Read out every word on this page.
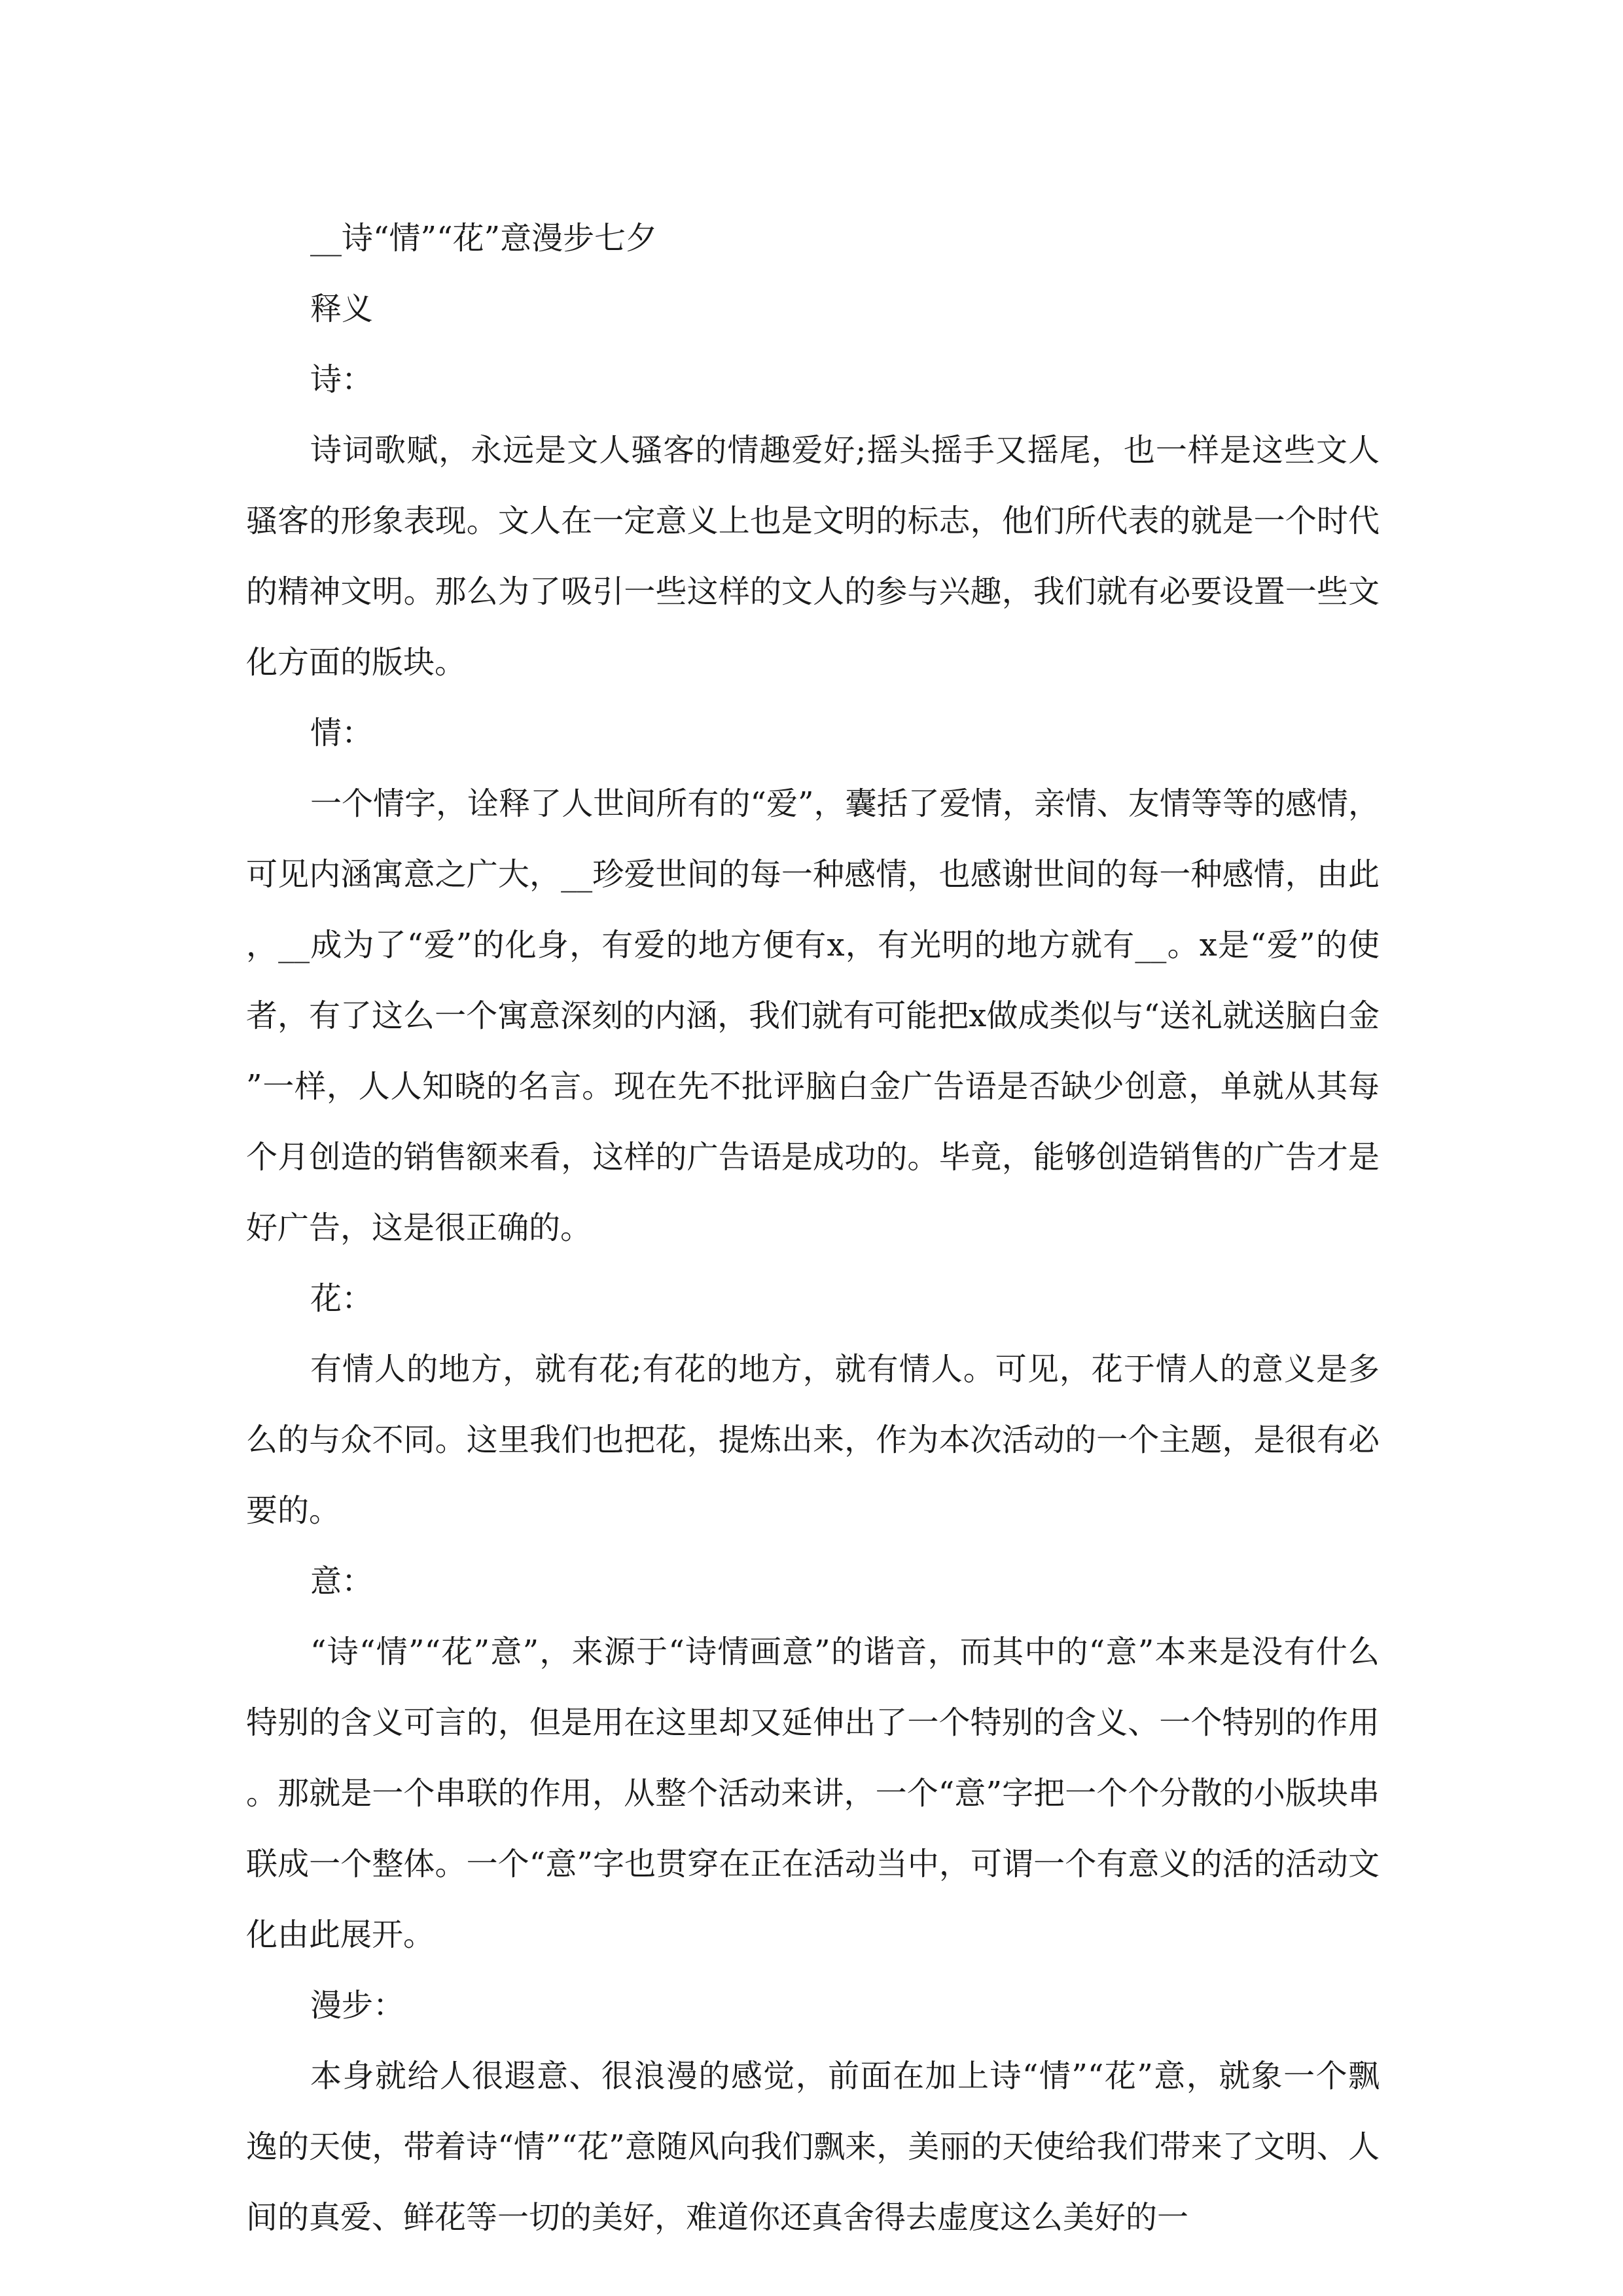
__诗“情”“花”意漫步七夕
释义
诗：

诗词歌赋，永远是文人骚客的情趣爱好;摇头摇手又摇尾，也一样是这些文人骚客的形象表现。文人在一定意义上也是文明的标志，他们所代表的就是一个时代的精神文明。那么为了吸引一些这样的文人的参与兴趣，我们就有必要设置一些文化方面的版块。

情：

一个情字，诠释了人世间所有的“爱”，囊括了爱情，亲情、友情等等的感情，可见内涵寓意之广大，__珍爱世间的每一种感情，也感谢世间的每一种感情，由此，__成为了“爱”的化身，有爱的地方便有x，有光明的地方就有__。x是“爱”的使者，有了这么一个寓意深刻的内涵，我们就有可能把x做成类似与“送礼就送脑白金”一样，人人知晓的名言。现在先不批评脑白金广告语是否缺少创意，单就从其每个月创造的销售额来看，这样的广告语是成功的。毕竟，能够创造销售的广告才是好广告，这是很正确的。

花：

有情人的地方，就有花;有花的地方，就有情人。可见，花于情人的意义是多么的与众不同。这里我们也把花，提炼出来，作为本次活动的一个主题，是很有必要的。

意：

“诗“情”“花”意”，来源于“诗情画意”的谐音，而其中的“意”本来是没有什么特别的含义可言的，但是用在这里却又延伸出了一个特别的含义、一个特别的作用。那就是一个串联的作用，从整个活动来讲，一个“意”字把一个个分散的小版块串联成一个整体。一个“意”字也贯穿在正在活动当中，可谓一个有意义的活的活动文化由此展开。

漫步：

本身就给人很遐意、很浪漫的感觉，前面在加上诗“情”“花”意，就象一个飘逸的天使，带着诗“情”“花”意随风向我们飘来，美丽的天使给我们带来了文明、人间的真爱、鲜花等一切的美好，难道你还真舍得去虚度这么美好的一
